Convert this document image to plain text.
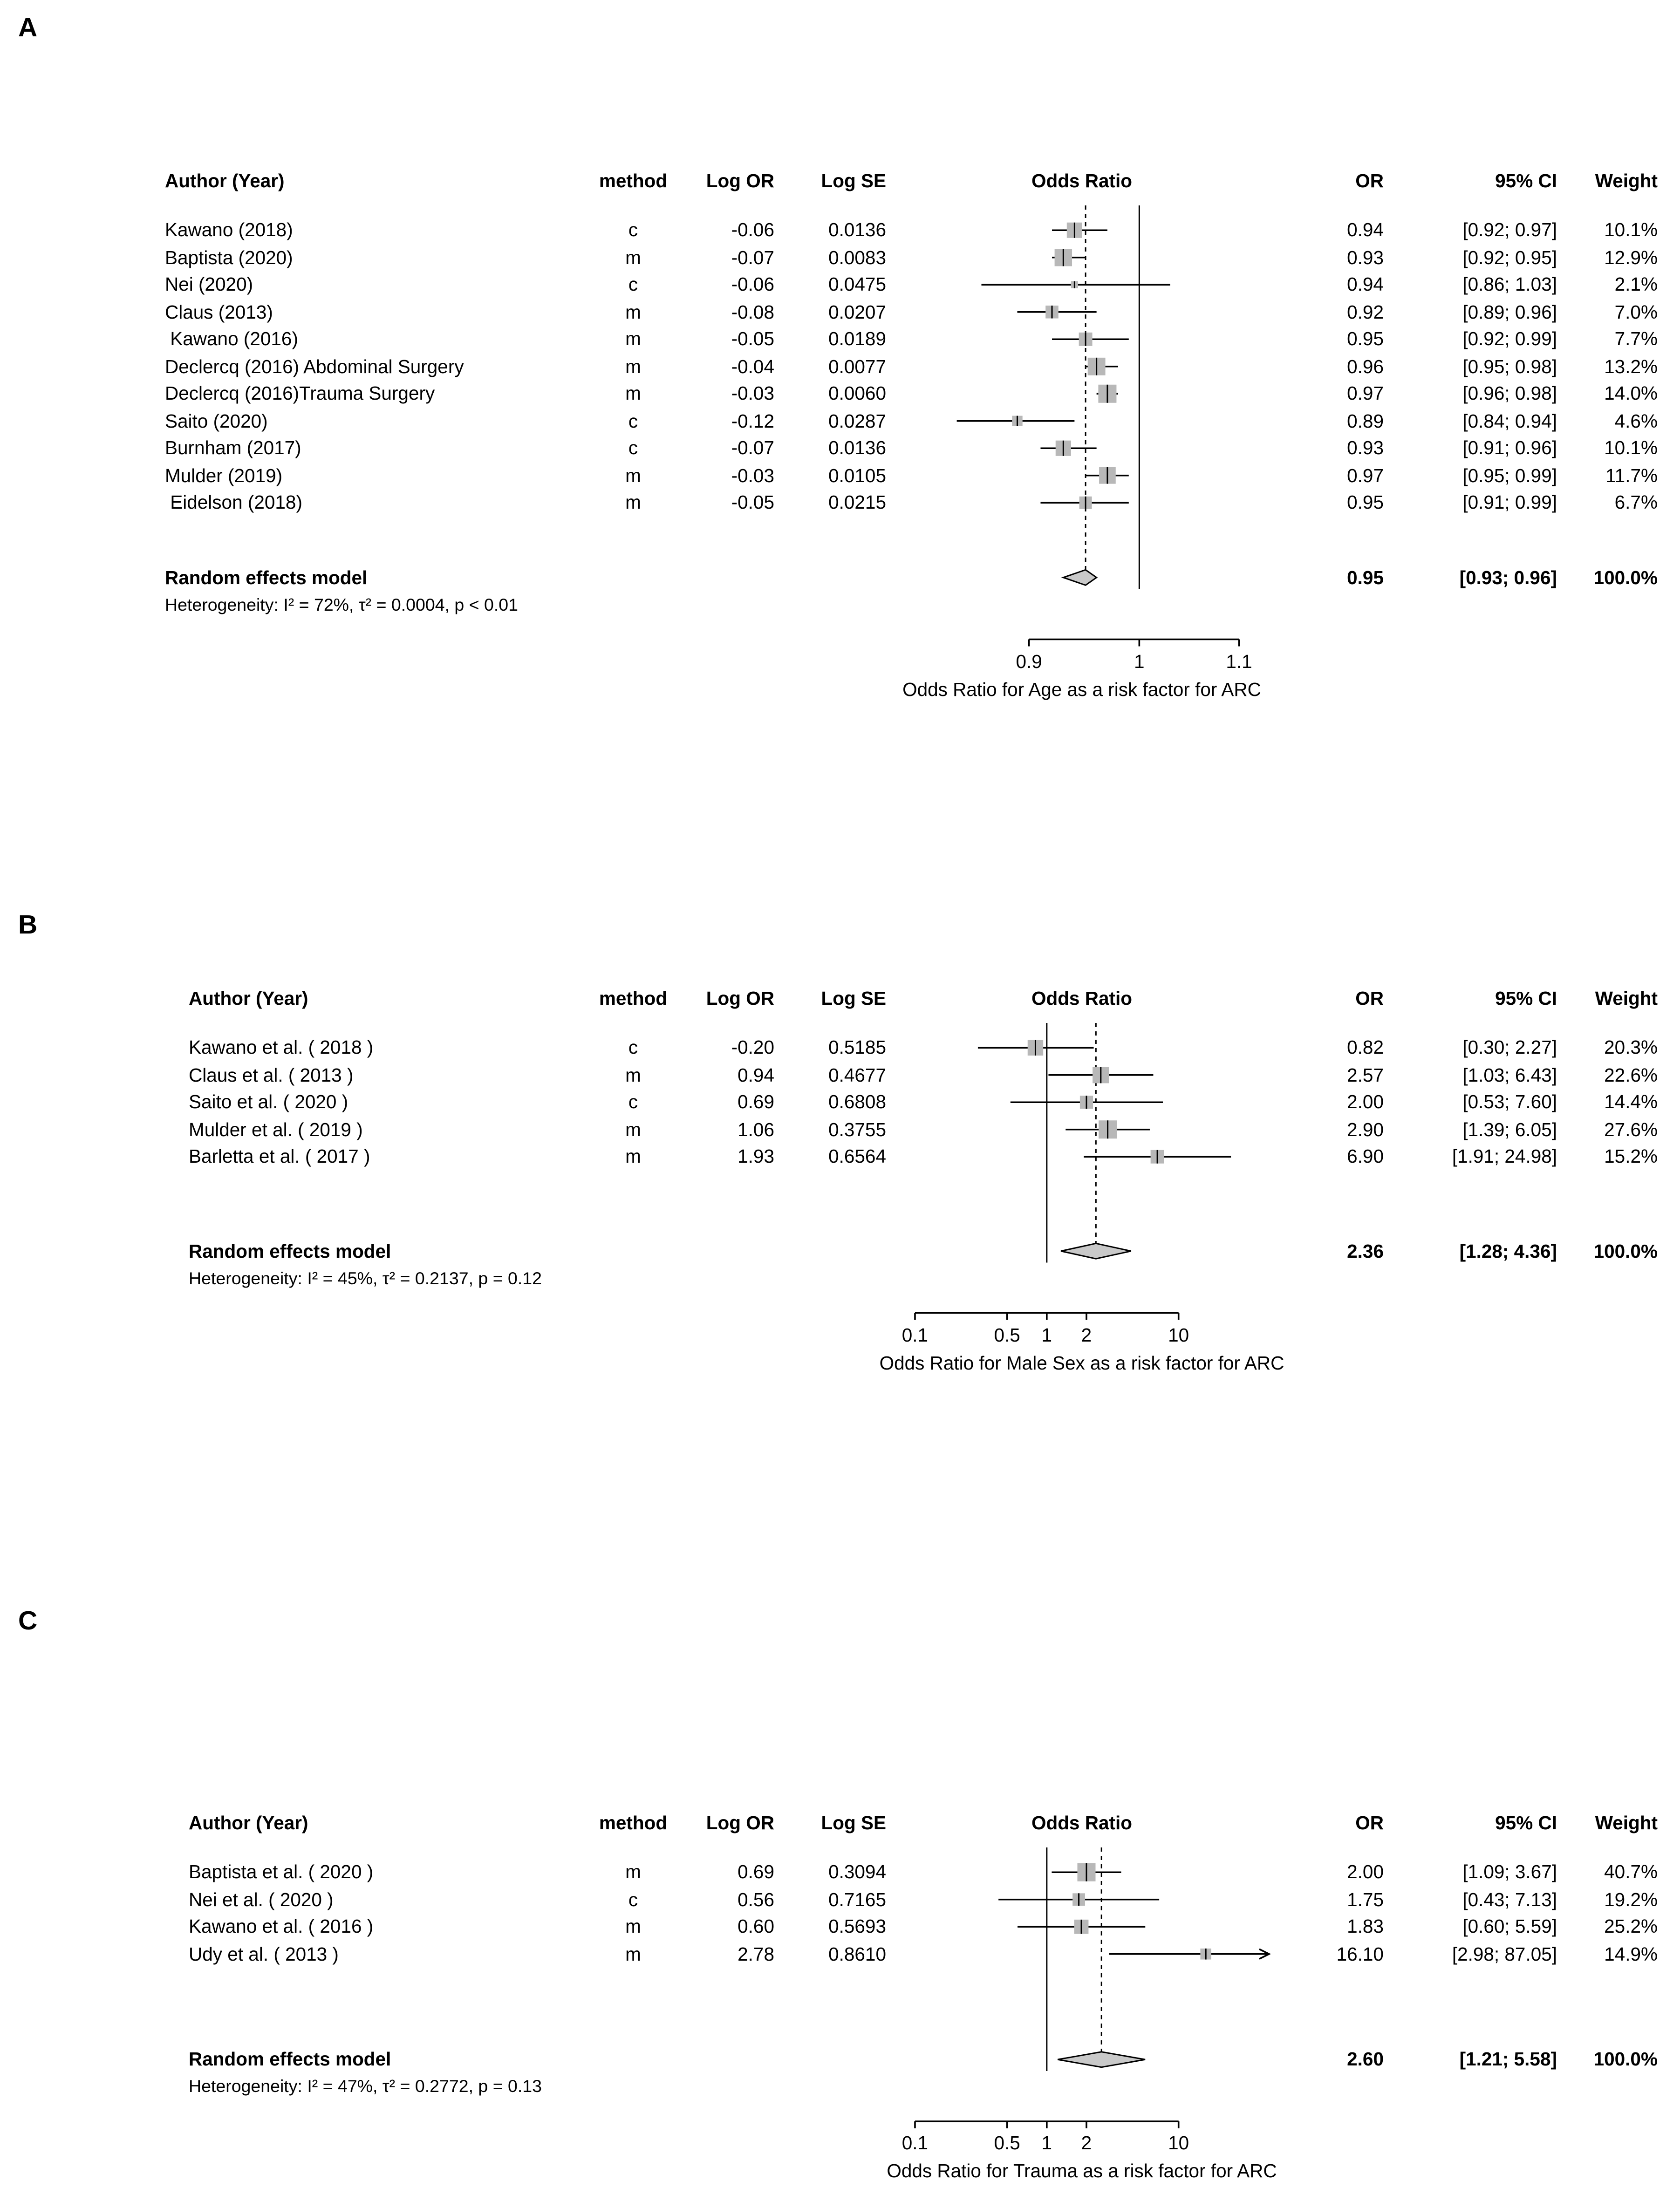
A
Author (Year)	method	Log OR	Log SE	OR	95% CI	Weight
Odds Ratio
Kawano (2018)	c	-0.06	0.0136	0.94	[0.92; 0.97]	10.1%
Baptista (2020)	m	-0.07	0.0083	0.93	[0.92; 0.95]	12.9%
Nei (2020)	c	-0.06	0.0475	0.94	[0.86; 1.03]	2.1%
Claus (2013)	m	-0.08	0.0207	0.92	[0.89; 0.96]	7.0%
Kawano (2016)	m	-0.05	0.0189	0.95	[0.92; 0.99]	7.7%
Declercq (2016) Abdominal Surgery	m	-0.04	0.0077	0.96	[0.95; 0.98]	13.2%
Declercq (2016)Trauma Surgery	m	-0.03	0.0060	0.97	[0.96; 0.98]	14.0%
Saito (2020)	c	-0.12	0.0287	0.89	[0.84; 0.94]	4.6%
Burnham (2017)	c	-0.07	0.0136	0.93	[0.91; 0.96]	10.1%
Mulder (2019)	m	-0.03	0.0105	0.97	[0.95; 0.99]	11.7%
Eidelson (2018)	m	-0.05	0.0215	0.95	[0.91; 0.99]	6.7%
Random effects model	0.95	[0.93; 0.96]	100.0%
Heterogeneity: I² = 72%, τ² = 0.0004, p < 0.01
0.9	1	1.1
Odds Ratio for Age as a risk factor for ARC
B
Author (Year)	method	Log OR	Log SE	OR	95% CI	Weight
Odds Ratio
Kawano et al. ( 2018 )	c	-0.20	0.5185	0.82	[0.30; 2.27]	20.3%
Claus et al. ( 2013 )	m	0.94	0.4677	2.57	[1.03; 6.43]	22.6%
Saito et al. ( 2020 )	c	0.69	0.6808	2.00	[0.53; 7.60]	14.4%
Mulder et al. ( 2019 )	m	1.06	0.3755	2.90	[1.39; 6.05]	27.6%
Barletta et al. ( 2017 )	m	1.93	0.6564	6.90	[1.91; 24.98]	15.2%
Random effects model	2.36	[1.28; 4.36]	100.0%
Heterogeneity: I² = 45%, τ² = 0.2137, p = 0.12
0.1	0.5	1	2	10
Odds Ratio for Male Sex as a risk factor for ARC
C
Author (Year)	method	Log OR	Log SE	OR	95% CI	Weight
Odds Ratio
Baptista et al. ( 2020 )	m	0.69	0.3094	2.00	[1.09; 3.67]	40.7%
Nei et al. ( 2020 )	c	0.56	0.7165	1.75	[0.43; 7.13]	19.2%
Kawano et al. ( 2016 )	m	0.60	0.5693	1.83	[0.60; 5.59]	25.2%
Udy et al. ( 2013 )	m	2.78	0.8610	16.10	[2.98; 87.05]	14.9%
Random effects model	2.60	[1.21; 5.58]	100.0%
Heterogeneity: I² = 47%, τ² = 0.2772, p = 0.13
0.1	0.5	1	2	10
Odds Ratio for Trauma as a risk factor for ARC
